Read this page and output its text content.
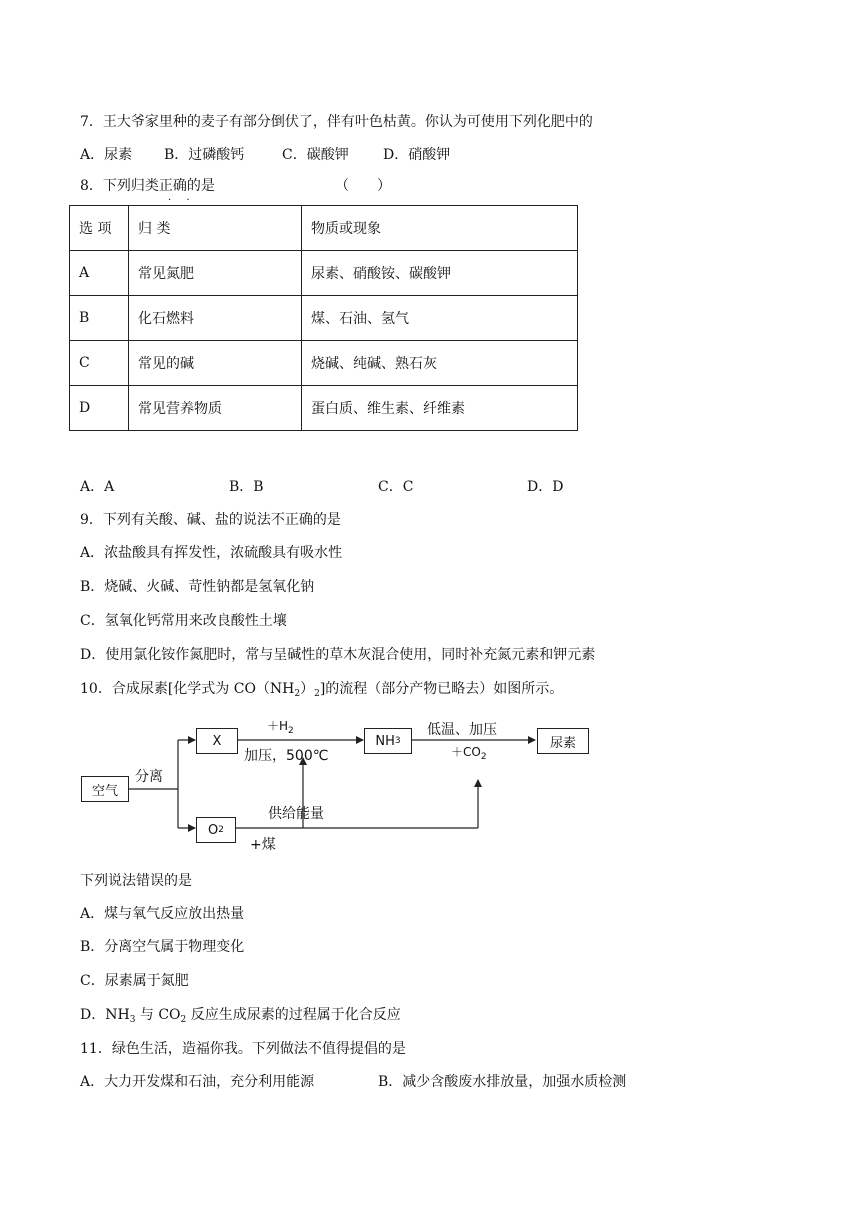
7．王大爷家里种的麦子有部分倒伏了，伴有叶色枯黄。你认为可使用下列化肥中的
A．尿素 B．过磷酸钙	C．碳酸钾 D．硝酸钾
8．下列归类正确的是
· ·
（　　）
选 项	归 类	物质或现象
A	常见氮肥	尿素、硝酸铵、碳酸钾
B	化石燃料	煤、石油、氢气
C	常见的碱	烧碱、纯碱、熟石灰
D	常见营养物质	蛋白质、维生素、纤维素
A．A	B．B	C．C	D．D
9．下列有关酸、碱、盐的说法不正确的是
A．浓盐酸具有挥发性，浓硫酸具有吸水性
B．烧碱、火碱、苛性钠都是氢氧化钠
C．氢氧化钙常用来改良酸性土壤
D．使用氯化铵作氮肥时，常与呈碱性的草木灰混合使用，同时补充氮元素和钾元素
10．合成尿素[化学式为 $CO(NH_2)_2$]的流程（部分产物已略去）如图所示。
空气
分离
X
O 2
$+H_2$
加压，500℃
NH 3
低温、加压
$+CO_2$
尿素
供给能量
+煤
下列说法错误的是
A．煤与氧气反应放出热量
B．分离空气属于物理变化
C．尿素属于氮肥
D．$NH_3$ 与 $CO_2$ 反应生成尿素的过程属于化合反应
11．绿色生活，造福你我。下列做法不值得提倡的是
A．大力开发煤和石油，充分利用能源	B．减少含酸废水排放量，加强水质检测
